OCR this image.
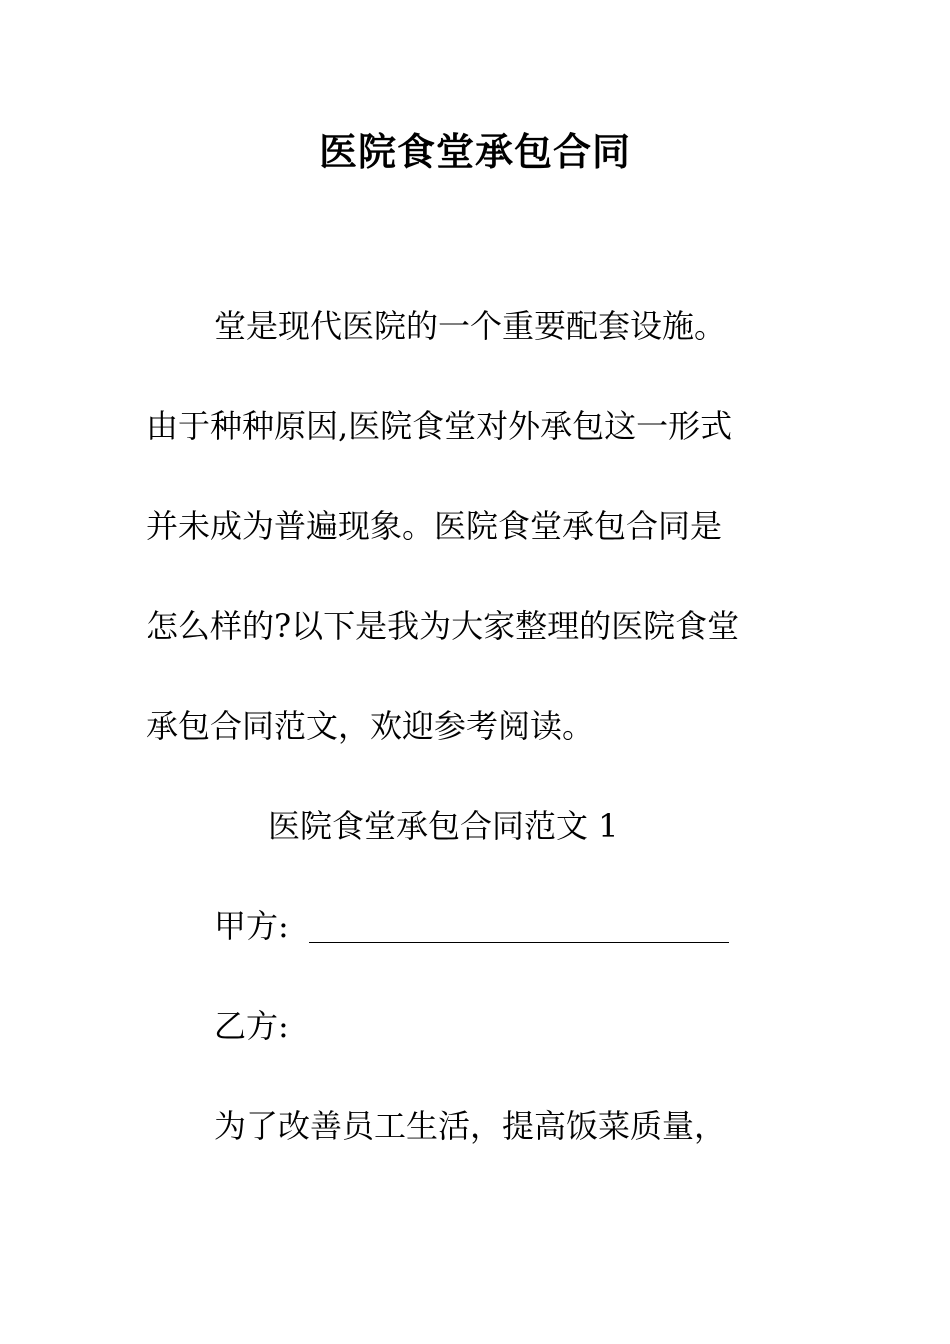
医院食堂承包合同
堂是现代医院的一个重要配套设施。
由于种种原因,医院食堂对外承包这一形式
并未成为普遍现象。医院食堂承包合同是
怎么样的?以下是我为大家整理的医院食堂
承包合同范文，欢迎参考阅读。
医院食堂承包合同范文 1
甲方:
乙方:
为了改善员工生活，提高饭菜质量，
